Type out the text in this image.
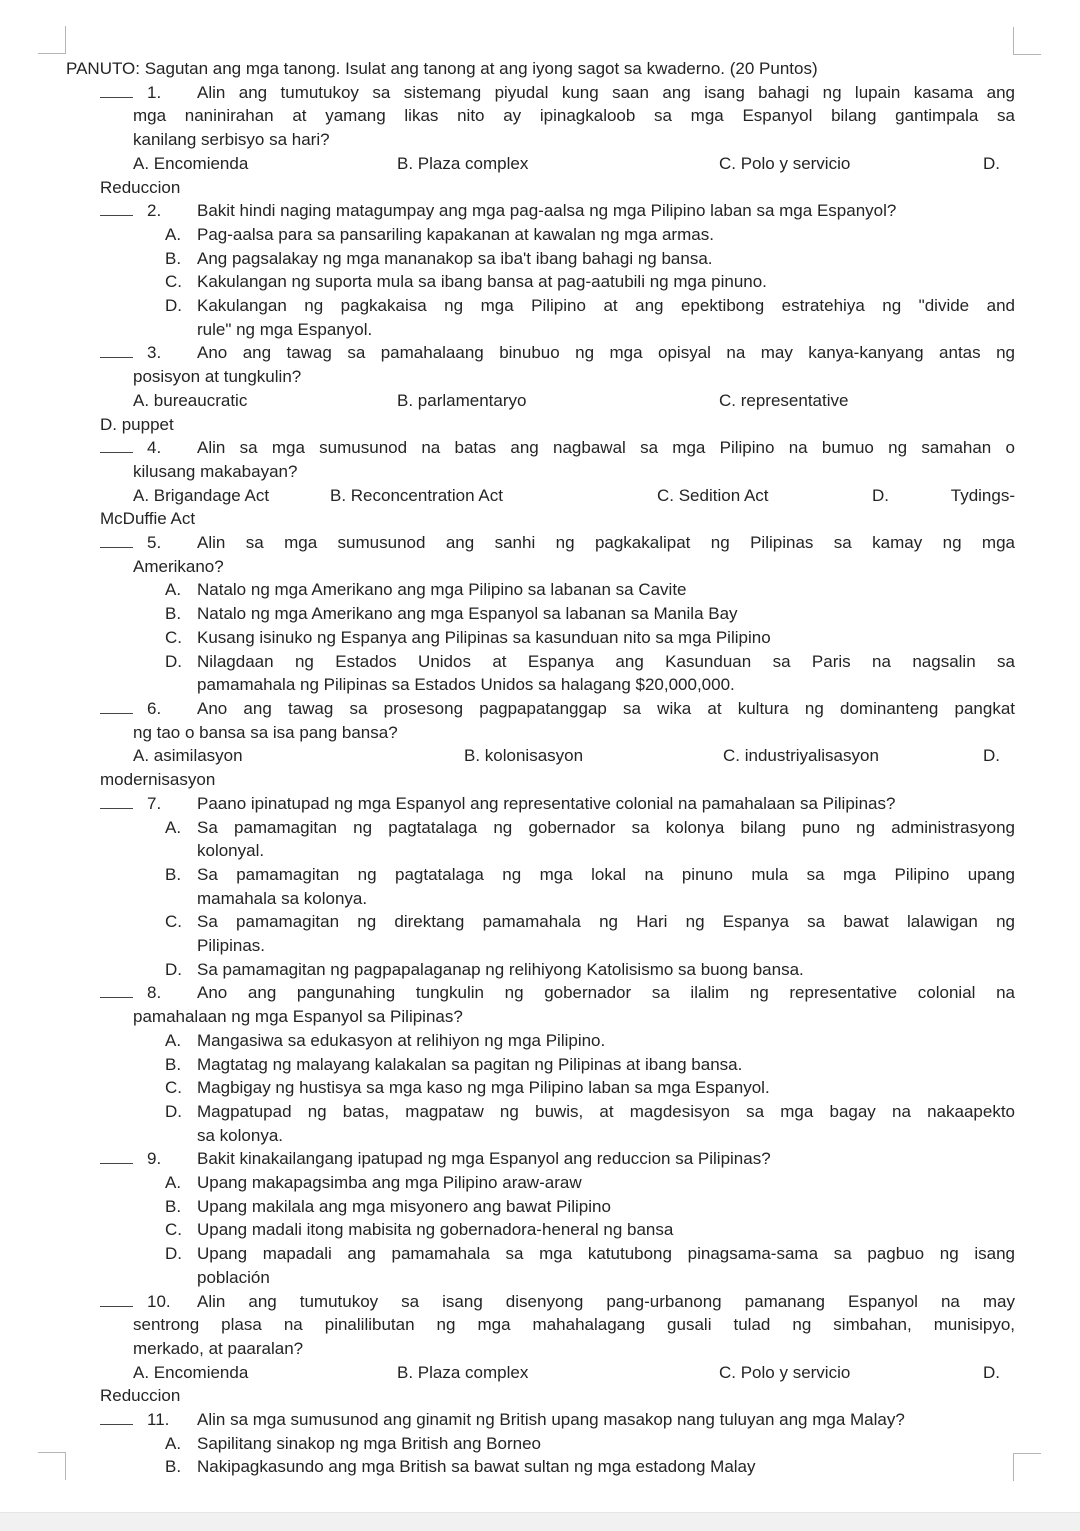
PANUTO: Sagutan ang mga tanong. Isulat ang tanong at ang iyong sagot sa kwaderno. (20 Puntos)

1. Alin ang tumutukoy sa sistemang piyudal kung saan ang isang bahagi ng lupain kasama ang
mga naninirahan at yamang likas nito ay ipinagkaloob sa mga Espanyol bilang gantimpala sa
kanilang serbisyo sa hari?

A. Encomienda	B. Plaza complex	C. Polo y servicio	D. Reduccion

2. Bakit hindi naging matagumpay ang mga pag-aalsa ng mga Pilipino laban sa mga Espanyol?

A. Pag-aalsa para sa pansariling kapakanan at kawalan ng mga armas.

B. Ang pagsalakay ng mga mananakop sa iba't ibang bahagi ng bansa.

C. Kakulangan ng suporta mula sa ibang bansa at pag-aatubili ng mga pinuno.

D. Kakulangan ng pagkakaisa ng mga Pilipino at ang epektibong estratehiya ng "divide and
rule" ng mga Espanyol.

3. Ano ang tawag sa pamahalaang binubuo ng mga opisyal na may kanya-kanyang antas ng
posisyon at tungkulin?

A. bureaucratic	B. parlamentaryo	C. representativeD. puppet

4. Alin sa mga sumusunod na batas ang nagbawal sa mga Pilipino na bumuo ng samahan o
kilusang makabayan?

A. Brigandage Act	B. Reconcentration Act	C. Sedition Act	D. Tydings-McDuffie Act

5. Alin sa mga sumusunod ang sanhi ng pagkakalipat ng Pilipinas sa kamay ng mga
Amerikano?

A. Natalo ng mga Amerikano ang mga Pilipino sa labanan sa Cavite

B. Natalo ng mga Amerikano ang mga Espanyol sa labanan sa Manila Bay

C. Kusang isinuko ng Espanya ang Pilipinas sa kasunduan nito sa mga Pilipino

D. Nilagdaan ng Estados Unidos at Espanya ang Kasunduan sa Paris na nagsalin sa
pamamahala ng Pilipinas sa Estados Unidos sa halagang $20,000,000.

6. Ano ang tawag sa prosesong pagpapatanggap sa wika at kultura ng dominanteng pangkat
ng tao o bansa sa isa pang bansa?

A. asimilasyon	B. kolonisasyon	C. industriyalisasyon	D. modernisasyon

7. Paano ipinatupad ng mga Espanyol ang representative colonial na pamahalaan sa Pilipinas?

A. Sa pamamagitan ng pagtatalaga ng gobernador sa kolonya bilang puno ng administrasyong
kolonyal.

B. Sa pamamagitan ng pagtatalaga ng mga lokal na pinuno mula sa mga Pilipino upang
mamahala sa kolonya.

C. Sa pamamagitan ng direktang pamamahala ng Hari ng Espanya sa bawat lalawigan ng
Pilipinas.

D. Sa pamamagitan ng pagpapalaganap ng relihiyong Katolisismo sa buong bansa.

8. Ano ang pangunahing tungkulin ng gobernador sa ilalim ng representative colonial na
pamahalaan ng mga Espanyol sa Pilipinas?

A. Mangasiwa sa edukasyon at relihiyon ng mga Pilipino.

B. Magtatag ng malayang kalakalan sa pagitan ng Pilipinas at ibang bansa.

C. Magbigay ng hustisya sa mga kaso ng mga Pilipino laban sa mga Espanyol.

D. Magpatupad ng batas, magpataw ng buwis, at magdesisyon sa mga bagay na nakaapekto
sa kolonya.

9. Bakit kinakailangang ipatupad ng mga Espanyol ang reduccion sa Pilipinas?

A. Upang makapagsimba ang mga Pilipino araw-araw

B. Upang makilala ang mga misyonero ang bawat Pilipino

C. Upang madali itong mabisita ng gobernadora-heneral ng bansa

D. Upang mapadali ang pamamahala sa mga katutubong pinagsama-sama sa pagbuo ng isang
población

10. Alin ang tumutukoy sa isang disenyong pang-urbanong pamanang Espanyol na may
sentrong plasa na pinalilibutan ng mga mahahalagang gusali tulad ng simbahan, munisipyo,
merkado, at paaralan?

A. Encomienda	B. Plaza complex	C. Polo y servicio	D. Reduccion

11. Alin sa mga sumusunod ang ginamit ng British upang masakop nang tuluyan ang mga Malay?

A. Sapilitang sinakop ng mga British ang Borneo

B. Nakipagkasundo ang mga British sa bawat sultan ng mga estadong Malay
